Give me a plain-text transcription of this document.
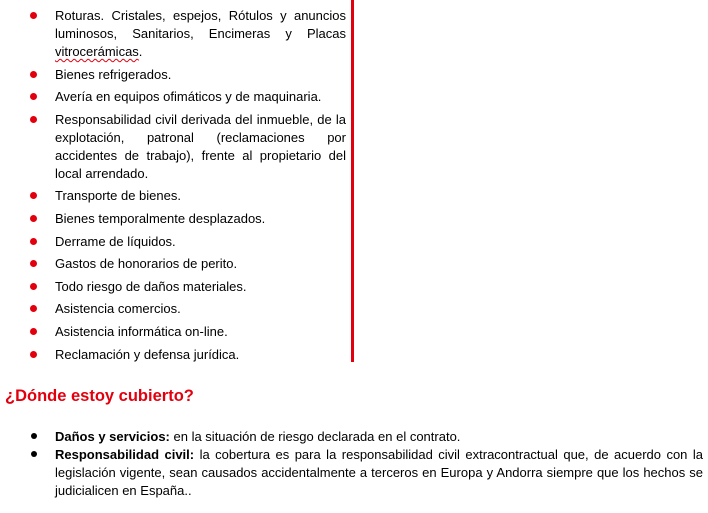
Roturas. Cristales, espejos, Rótulos y anuncios luminosos, Sanitarios, Encimeras y Placas vitrocerámicas.
Bienes refrigerados.
Avería en equipos ofimáticos y de maquinaria.
Responsabilidad civil derivada del inmueble, de la explotación, patronal (reclamaciones por accidentes de trabajo), frente al propietario del local arrendado.
Transporte de bienes.
Bienes temporalmente desplazados.
Derrame de líquidos.
Gastos de honorarios de perito.
Todo riesgo de daños materiales.
Asistencia comercios.
Asistencia informática on-line.
Reclamación y defensa jurídica.
¿Dónde estoy cubierto?
Daños y servicios: en la situación de riesgo declarada en el contrato.
Responsabilidad civil: la cobertura es para la responsabilidad civil extracontractual que, de acuerdo con la legislación vigente, sean causados accidentalmente a terceros en Europa y Andorra siempre que los hechos se judicialicen en España..
